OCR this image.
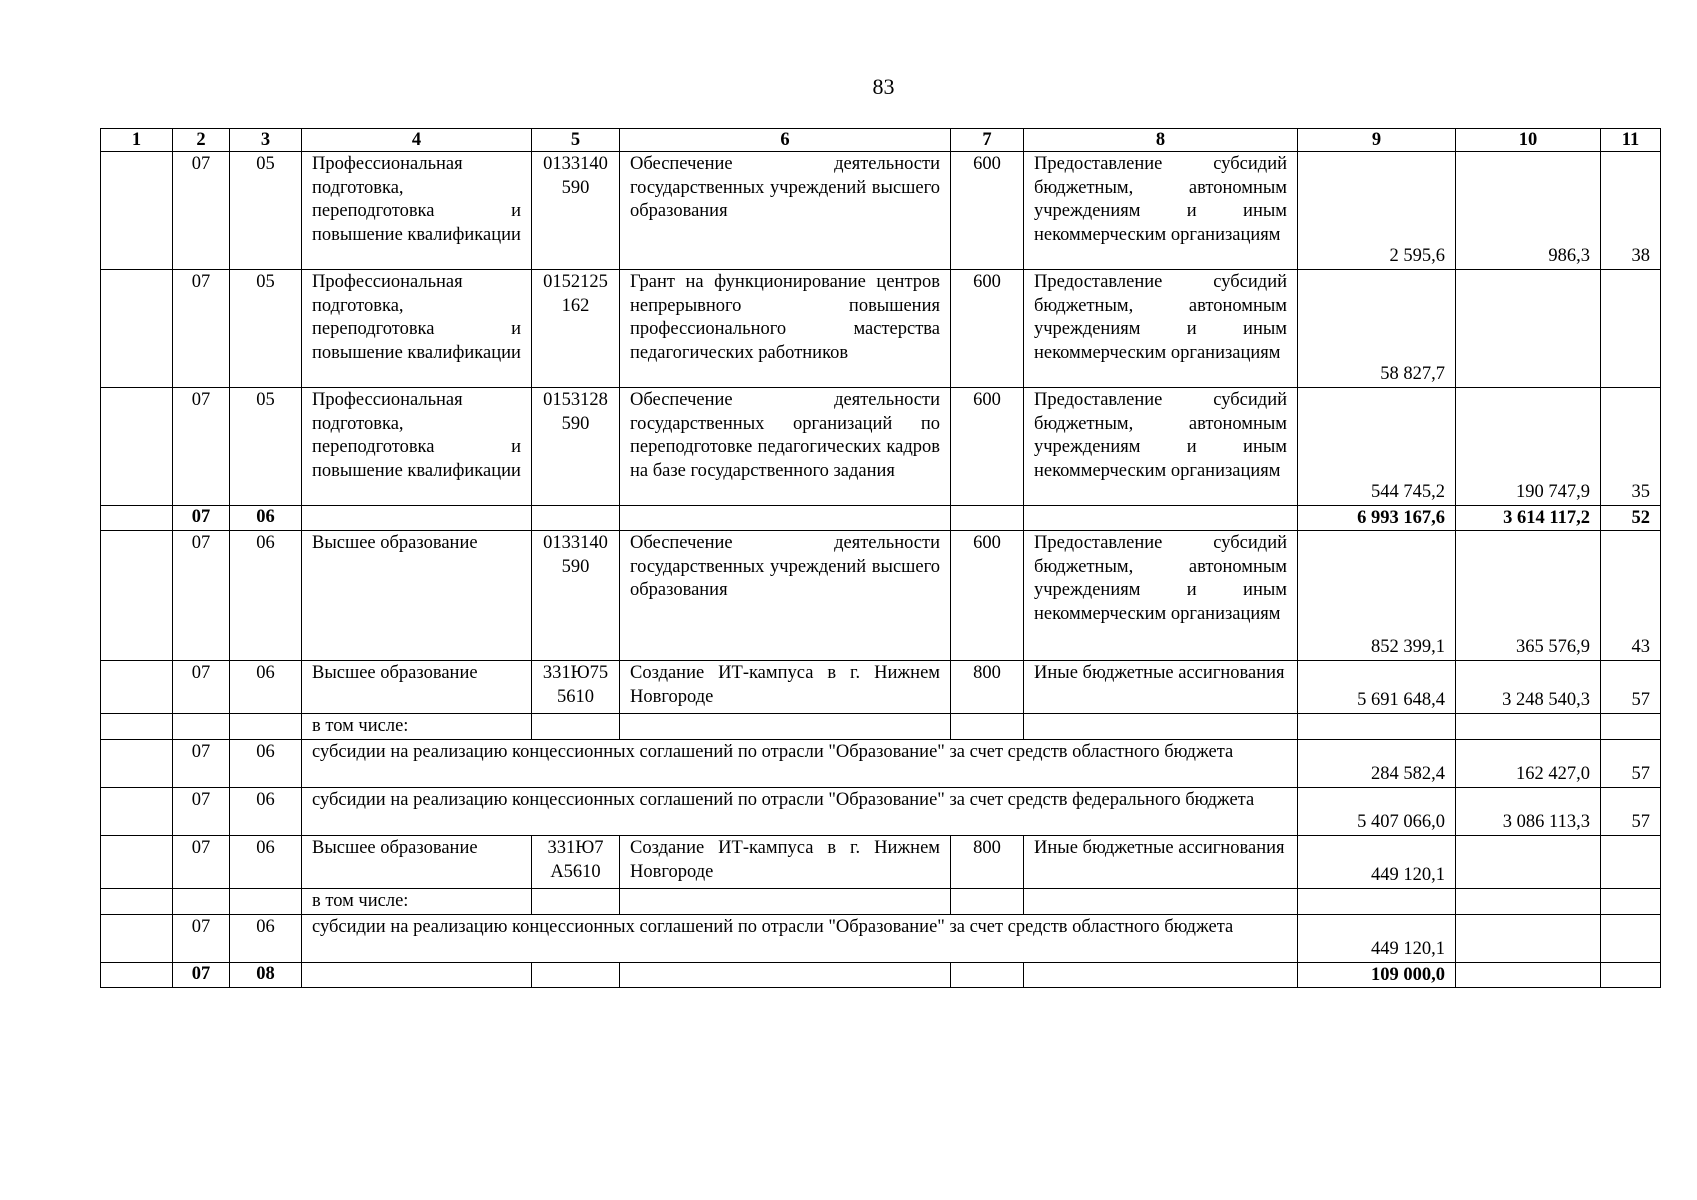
83
1	2	3	4	5	6	7	8	9	10	11
	07	05	Профессиональная подготовка, переподготовка и повышение квалификации	0133140590	Обеспечение деятельности государственных учреждений высшего образования	600	Предоставление субсидий бюджетным, автономным учреждениям и иным некоммерческим организациям	2 595,6	986,3	38
	07	05	Профессиональная подготовка, переподготовка и повышение квалификации	0152125162	Грант на функционирование центров непрерывного повышения профессионального мастерства педагогических работников	600	Предоставление субсидий бюджетным, автономным учреждениям и иным некоммерческим организациям	58 827,7		
	07	05	Профессиональная подготовка, переподготовка и повышение квалификации	0153128590	Обеспечение деятельности государственных организаций по переподготовке педагогических кадров на базе государственного задания	600	Предоставление субсидий бюджетным, автономным учреждениям и иным некоммерческим организациям	544 745,2	190 747,9	35
	07	06						6 993 167,6	3 614 117,2	52
	07	06	Высшее образование	0133140590	Обеспечение деятельности государственных учреждений высшего образования	600	Предоставление субсидий бюджетным, автономным учреждениям и иным некоммерческим организациям	852 399,1	365 576,9	43
	07	06	Высшее образование	331Ю755610	Создание ИТ-кампуса в г. Нижнем Новгороде	800	Иные бюджетные ассигнования	5 691 648,4	3 248 540,3	57
			в том числе:							
	07	06	субсидии на реализацию концессионных соглашений по отрасли "Образование" за счет средств областного бюджета					284 582,4	162 427,0	57
	07	06	субсидии на реализацию концессионных соглашений по отрасли "Образование" за счет средств федерального бюджета					5 407 066,0	3 086 113,3	57
	07	06	Высшее образование	331Ю7А5610	Создание ИТ-кампуса в г. Нижнем Новгороде	800	Иные бюджетные ассигнования	449 120,1		
			в том числе:							
	07	06	субсидии на реализацию концессионных соглашений по отрасли "Образование" за счет средств областного бюджета					449 120,1		
	07	08						109 000,0		
